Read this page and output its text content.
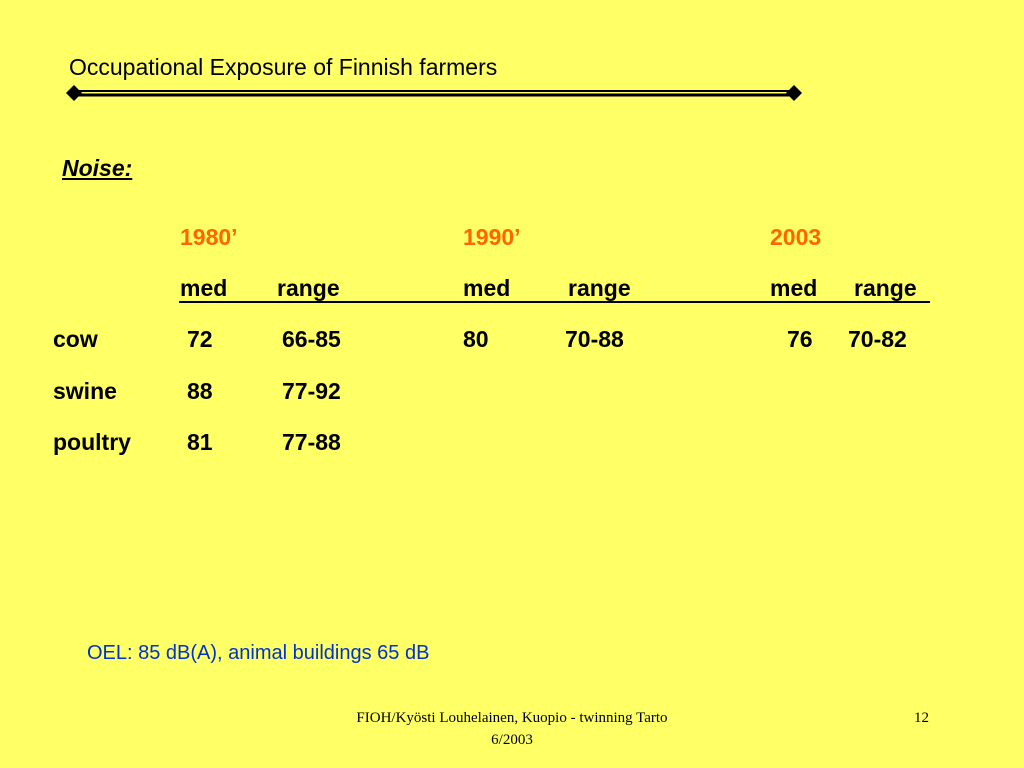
Occupational Exposure of Finnish farmers
Noise:
1980’	1990’	2003
med range	med	range	med range
cow	72	66-85	80	70-88	76 70-82
swine	88	77-92
poultry 81	77-88
OEL: 85 dB(A), animal buildings 65 dB
FIOH/Kyösti Louhelainen, Kuopio - twinning Tarto 6/2003
12
